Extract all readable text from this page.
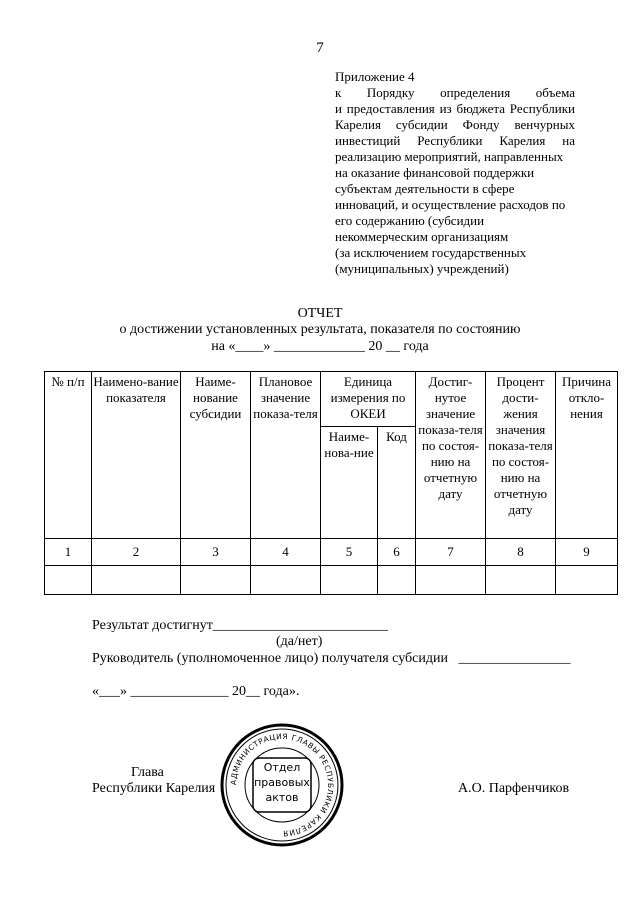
7
Приложение 4
к Порядку определения объема
и предоставления из бюджета Республики
Карелия субсидии Фонду венчурных
инвестиций Республики Карелия на
реализацию мероприятий, направленных
на оказание финансовой поддержки
субъектам деятельности в сфере
инноваций, и осуществление расходов по
его содержанию (субсидии
некоммерческим организациям
(за исключением государственных
(муниципальных) учреждений)
ОТЧЕТ
о достижении установленных результата, показателя по состоянию
на «____» _____________ 20 __ года
№ п/п	Наимено-вание показателя	Наиме-нование субсидии	Плановое значение показа-теля	Единица измерения по ОКЕИ		Достиг-нутое значение показа-теля по состоя-нию на отчетную дату	Процент дости-жения значения показа-теля по состоя-нию на отчетную дату	Причина откло-нения
				Наиме-нова-ние	Код			
1	2	3	4	5	6	7	8	9

Результат достигнут_________________________
(да/нет)
Руководитель (уполномоченное лицо) получателя субсидии ________________
«___» ______________ 20__ года».
Глава
Республики Карелия	А.О. Парфенчиков
АДМИНИСТРАЦИЯ ГЛАВЫ РЕСПУБЛИКИ КАРЕЛИЯ
Отдел
правовых
актов
